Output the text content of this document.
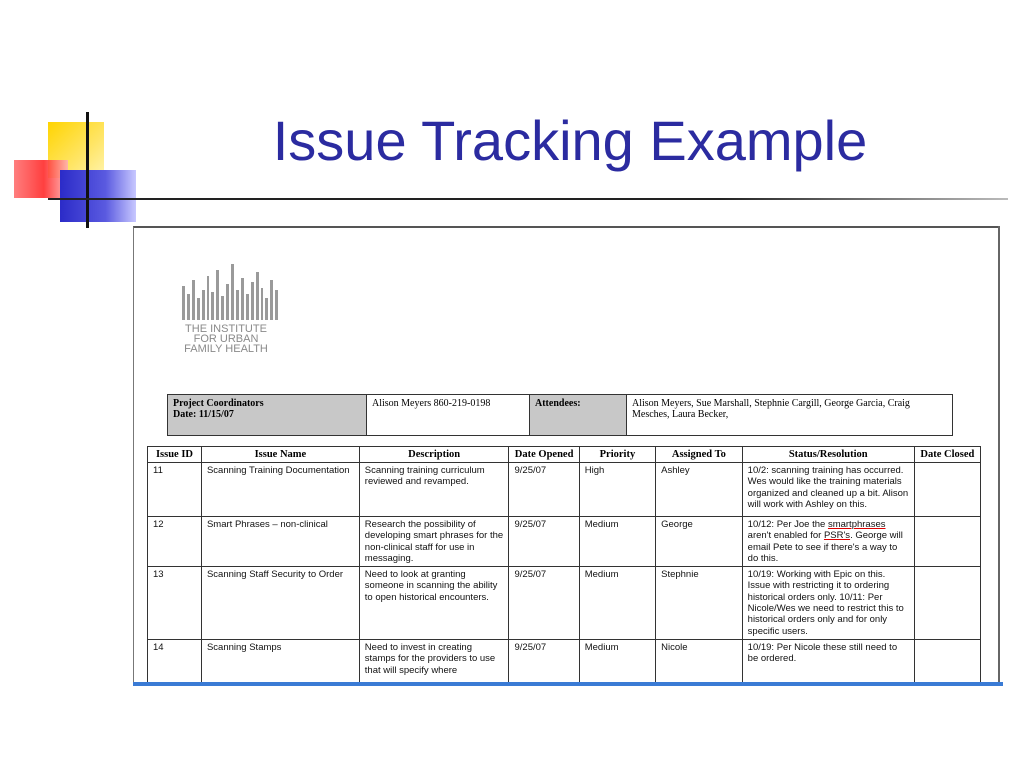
Issue Tracking Example
THE INSTITUTE
FOR URBAN
FAMILY HEALTH
Project Coordinators
Date: 11/15/07
Alison Meyers 860-219-0198	Attendees:	Alison Meyers, Sue Marshall, Stephnie Cargill, George Garcia, Craig Mesches, Laura Becker,
Issue ID	Issue Name	Description	Date Opened	Priority	Assigned To	Status/Resolution	Date Closed
11	Scanning Training Documentation	Scanning training curriculum reviewed and revamped.	9/25/07	High	Ashley	10/2: scanning training has occurred. Wes would like the training materials organized and cleaned up a bit. Alison will work with Ashley on this.	
12	Smart Phrases – non-clinical	Research the possibility of developing smart phrases for the non-clinical staff for use in messaging.	9/25/07	Medium	George	10/12: Per Joe the smartphrases aren't enabled for PSR's. George will email Pete to see if there's a way to do this.	
13	Scanning Staff Security to Order	Need to look at granting someone in scanning the ability to open historical encounters.	9/25/07	Medium	Stephnie	10/19: Working with Epic on this. Issue with restricting it to ordering historical orders only. 10/11: Per Nicole/Wes we need to restrict this to historical orders only and for only specific users.	
14	Scanning Stamps	Need to invest in creating stamps for the providers to use that will specify where	9/25/07	Medium	Nicole	10/19: Per Nicole these still need to be ordered.	
